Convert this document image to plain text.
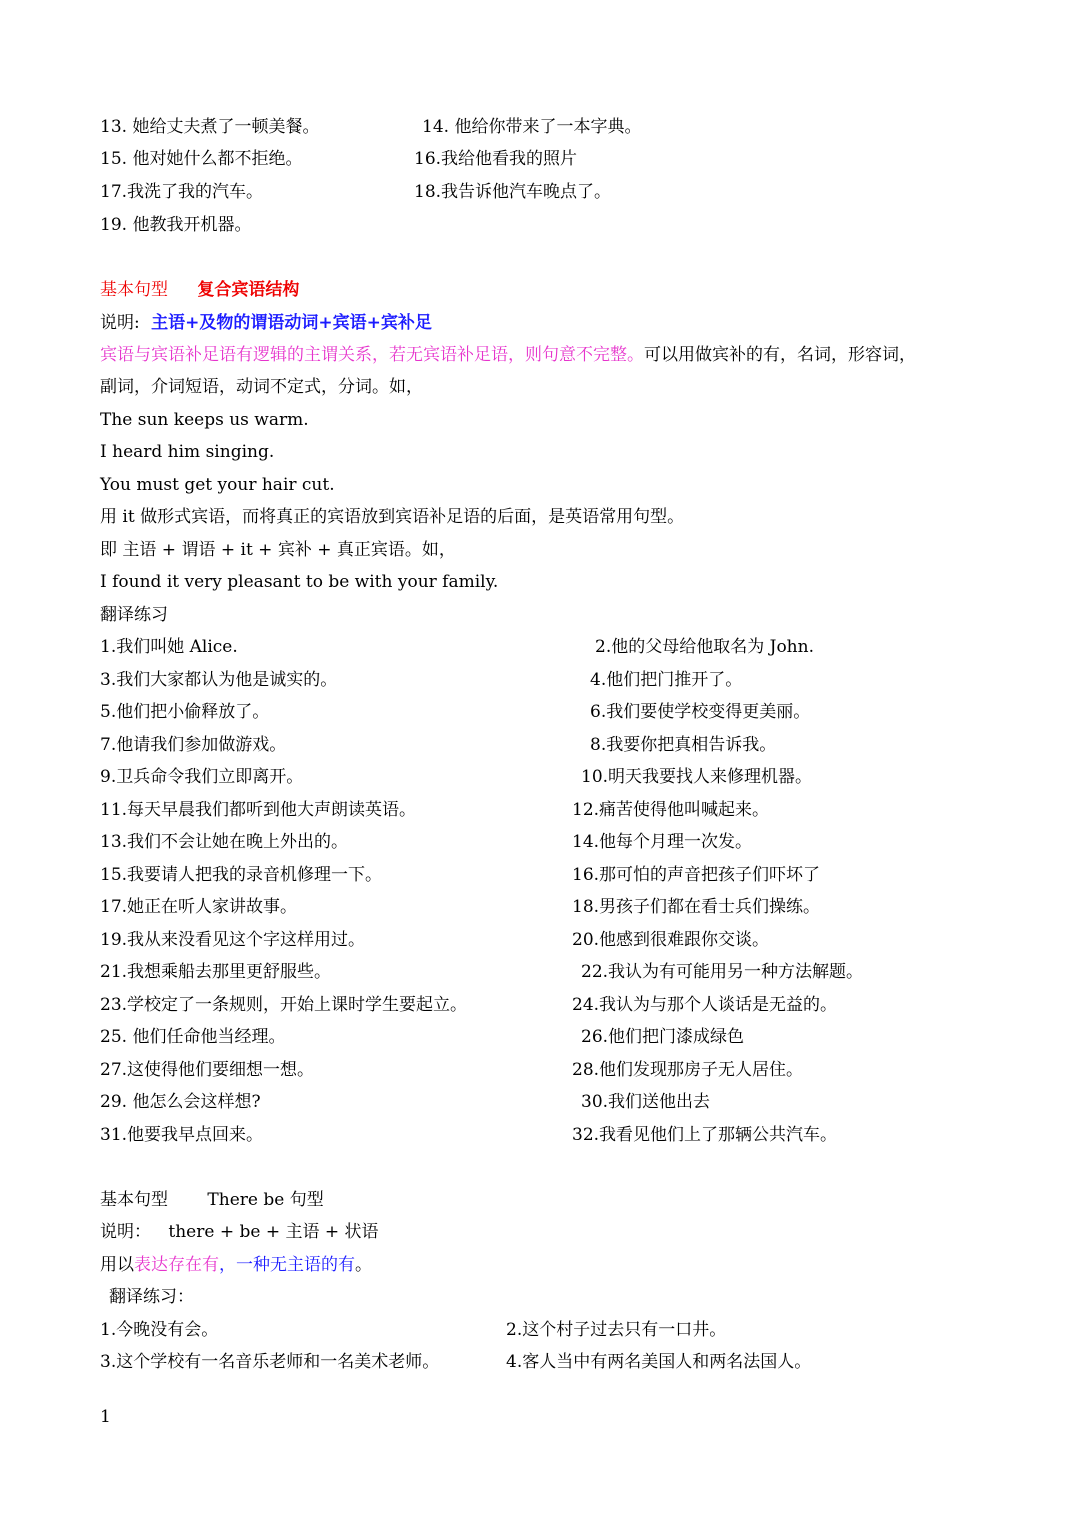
13. 她给丈夫煮了一顿美餐。	14. 他给你带来了一本字典。
15. 他对她什么都不拒绝。	16.我给他看我的照片
17.我洗了我的汽车。	18.我告诉他汽车晚点了。
19. 他教我开机器。
基本句型 复合宾语结构
说明: 主语+及物的谓语动词+宾语+宾补足
宾语与宾语补足语有逻辑的主谓关系，若无宾语补足语，则句意不完整。可以用做宾补的有，名词，形容词，
副词，介词短语，动词不定式，分词。如，
The sun keeps us warm.
I heard him singing.
You must get your hair cut.
用 it 做形式宾语，而将真正的宾语放到宾语补足语的后面，是英语常用句型。
即 主语 + 谓语 + it + 宾补 + 真正宾语。如，
I found it very pleasant to be with your family.
翻译练习
1.我们叫她 Alice.	2.他的父母给他取名为 John.
3.我们大家都认为他是诚实的。	4.他们把门推开了。
5.他们把小偷释放了。	6.我们要使学校变得更美丽。
7.他请我们参加做游戏。	8.我要你把真相告诉我。
9.卫兵命令我们立即离开。	10.明天我要找人来修理机器。
11.每天早晨我们都听到他大声朗读英语。	12.痛苦使得他叫喊起来。
13.我们不会让她在晚上外出的。	14.他每个月理一次发。
15.我要请人把我的录音机修理一下。	16.那可怕的声音把孩子们吓坏了
17.她正在听人家讲故事。	18.男孩子们都在看士兵们操练。
19.我从来没看见这个字这样用过。	20.他感到很难跟你交谈。
21.我想乘船去那里更舒服些。	22.我认为有可能用另一种方法解题。
23.学校定了一条规则，开始上课时学生要起立。	24.我认为与那个人谈话是无益的。
25. 他们任命他当经理。	26.他们把门漆成绿色
27.这使得他们要细想一想。	28.他们发现那房子无人居住。
29. 他怎么会这样想?	30.我们送他出去
31.他要我早点回来。	32.我看见他们上了那辆公共汽车。
基本句型 There be 句型
说明： there + be + 主语 + 状语
用以表达存在有，一种无主语的有。
翻译练习：
1.今晚没有会。	2.这个村子过去只有一口井。
3.这个学校有一名音乐老师和一名美术老师。	4.客人当中有两名美国人和两名法国人。
1
